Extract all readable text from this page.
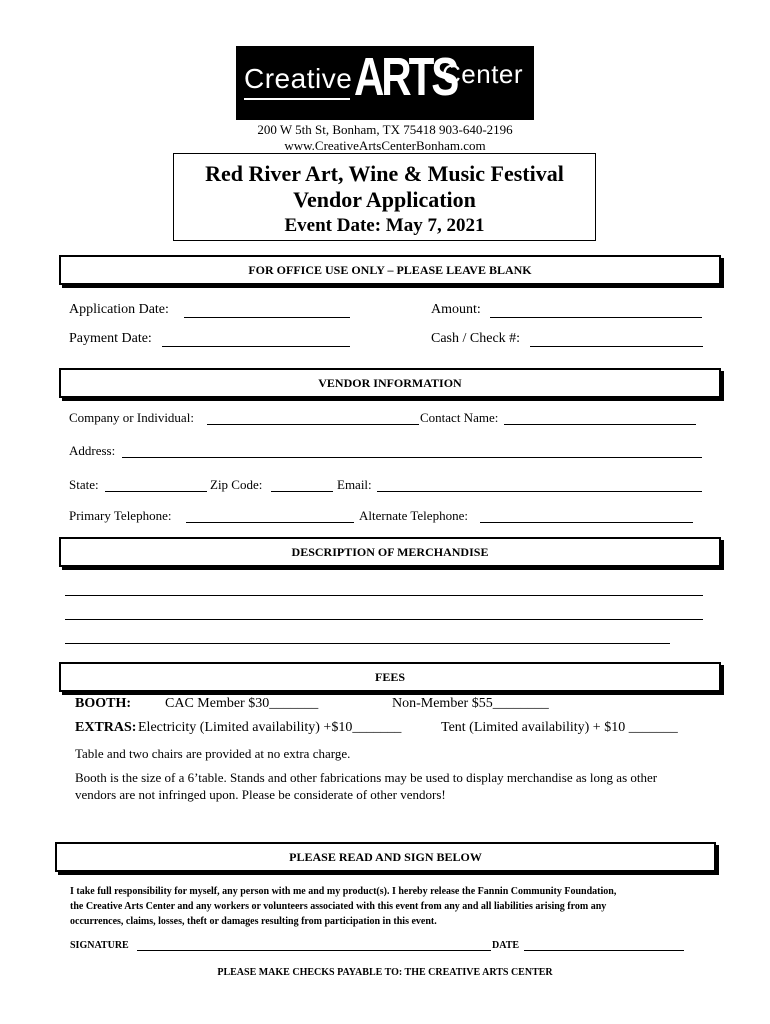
Creative ARTS
Center
200 W 5th St, Bonham, TX 75418 903-640-2196
www.CreativeArtsCenterBonham.com
Red River Art, Wine & Music Festival
Vendor Application
Event Date: May 7, 2021
FOR OFFICE USE ONLY – PLEASE LEAVE BLANK
Application Date:	Amount:
Payment Date:	Cash / Check #:
VENDOR INFORMATION
Company or Individual:	Contact Name:
Address:
State:	Zip Code:	Email:
Primary Telephone:	Alternate Telephone:
DESCRIPTION OF MERCHANDISE
FEES
BOOTH: CAC Member $30_______	Non-Member $55________
EXTRAS: Electricity (Limited availability) +$10_______	Tent (Limited availability) + $10 _______
Table and two chairs are provided at no extra charge.
Booth is the size of a 6’table. Stands and other fabrications may be used to display merchandise as long as other
vendors are not infringed upon. Please be considerate of other vendors!
PLEASE READ AND SIGN BELOW
I take full responsibility for myself, any person with me and my product(s). I hereby release the Fannin Community Foundation,
the Creative Arts Center and any workers or volunteers associated with this event from any and all liabilities arising from any
occurrences, claims, losses, theft or damages resulting from participation in this event.
SIGNATURE	DATE
PLEASE MAKE CHECKS PAYABLE TO: THE CREATIVE ARTS CENTER
